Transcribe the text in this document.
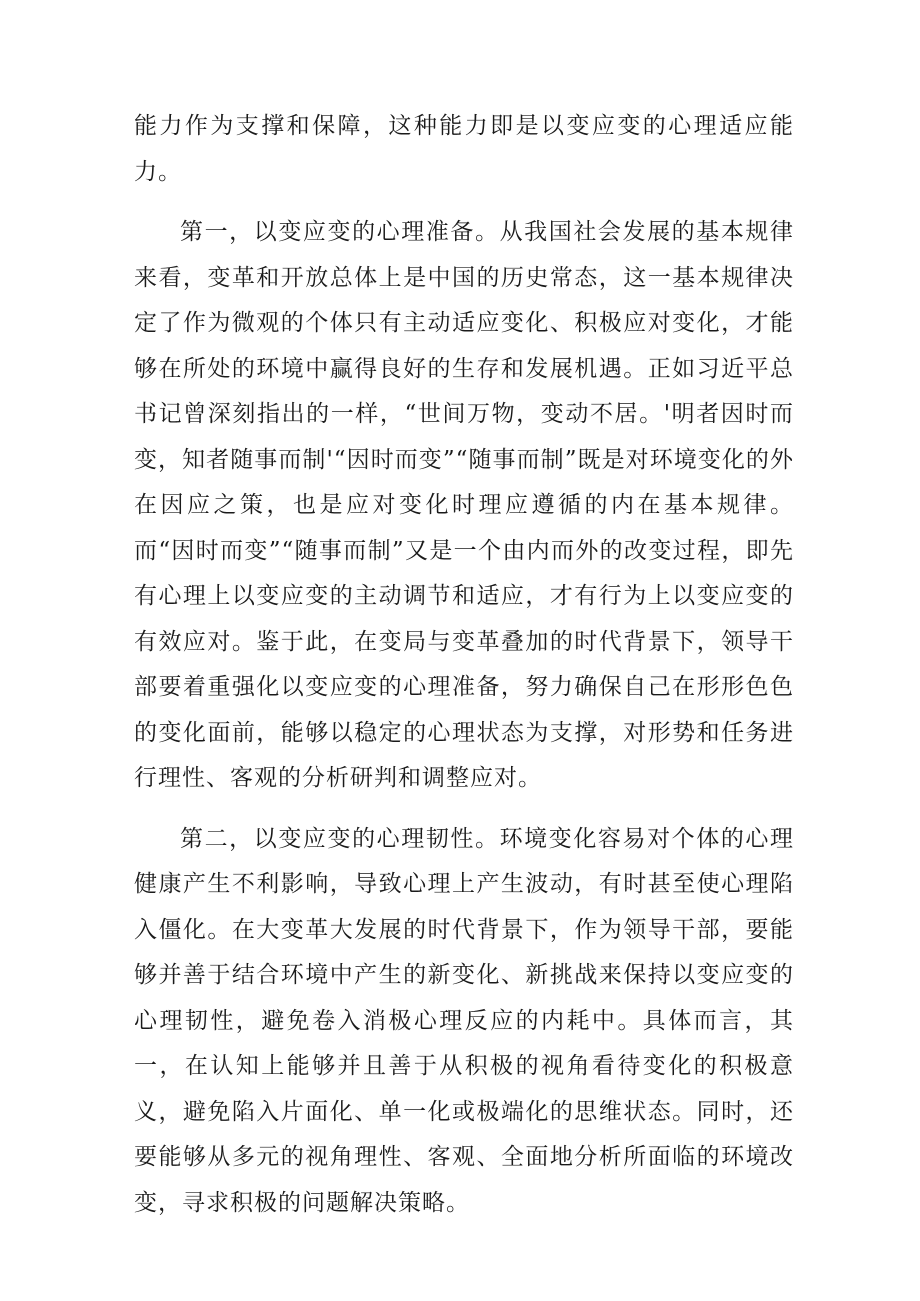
能力作为支撑和保障，这种能力即是以变应变的心理适应能力。

第一，以变应变的心理准备。从我国社会发展的基本规律来看，变革和开放总体上是中国的历史常态，这一基本规律决定了作为微观的个体只有主动适应变化、积极应对变化，才能够在所处的环境中赢得良好的生存和发展机遇。正如习近平总书记曾深刻指出的一样，“世间万物，变动不居。'明者因时而变，知者随事而制'“因时而变”“随事而制”既是对环境变化的外在因应之策，也是应对变化时理应遵循的内在基本规律。而“因时而变”“随事而制”又是一个由内而外的改变过程，即先有心理上以变应变的主动调节和适应，才有行为上以变应变的有效应对。鉴于此，在变局与变革叠加的时代背景下，领导干部要着重强化以变应变的心理准备，努力确保自己在形形色色的变化面前，能够以稳定的心理状态为支撑，对形势和任务进行理性、客观的分析研判和调整应对。

第二，以变应变的心理韧性。环境变化容易对个体的心理健康产生不利影响，导致心理上产生波动，有时甚至使心理陷入僵化。在大变革大发展的时代背景下，作为领导干部，要能够并善于结合环境中产生的新变化、新挑战来保持以变应变的心理韧性，避免卷入消极心理反应的内耗中。具体而言，其一，在认知上能够并且善于从积极的视角看待变化的积极意义，避免陷入片面化、单一化或极端化的思维状态。同时，还要能够从多元的视角理性、客观、全面地分析所面临的环境改变，寻求积极的问题解决策略。
